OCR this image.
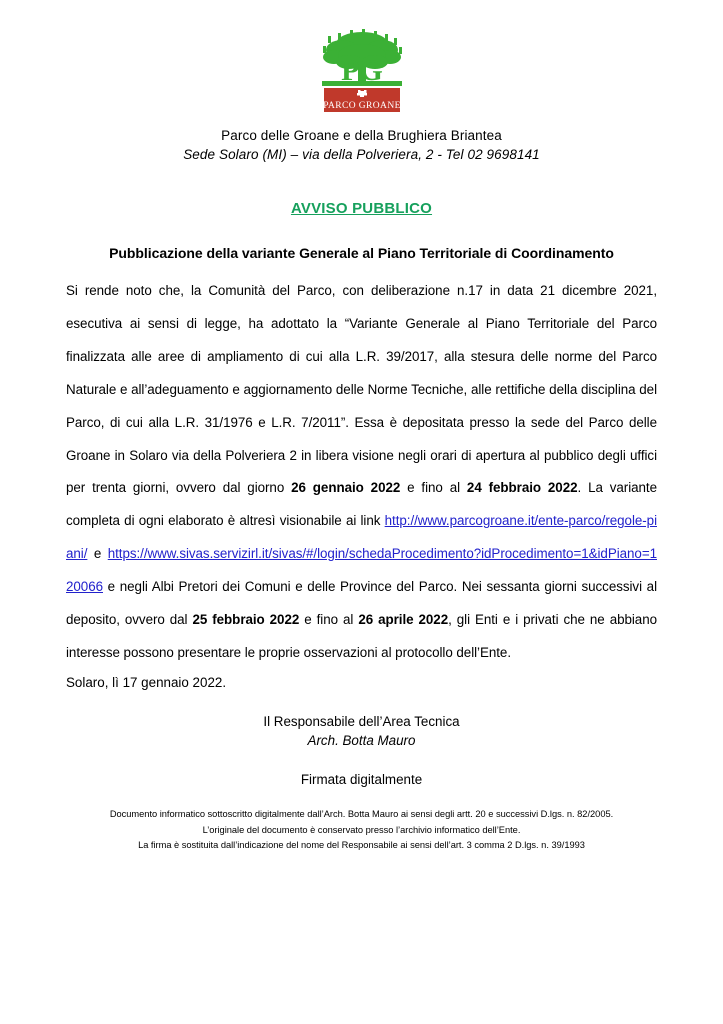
PG
PARCO GROANE
Parco delle Groane e della Brughiera Briantea
Sede Solaro (MI) – via della Polveriera, 2 - Tel 02 9698141
AVVISO PUBBLICO
Pubblicazione della variante Generale al Piano Territoriale di Coordinamento
Si rende noto che, la Comunità del Parco, con deliberazione n.17 in data 21 dicembre 2021, esecutiva ai sensi di legge, ha adottato la “Variante Generale al Piano Territoriale del Parco finalizzata alle aree di ampliamento di cui alla L.R. 39/2017, alla stesura delle norme del Parco Naturale e all’adeguamento e aggiornamento delle Norme Tecniche, alle rettifiche della disciplina del Parco, di cui alla L.R. 31/1976 e L.R. 7/2011”. Essa è depositata presso la sede del Parco delle Groane in Solaro via della Polveriera 2 in libera visione negli orari di apertura al pubblico degli uffici per trenta giorni, ovvero dal giorno 26 gennaio 2022 e fino al 24 febbraio 2022. La variante completa di ogni elaborato è altresì visionabile ai link http://www.parcogroane.it/ente-parco/regole-piani/ e https://www.sivas.servizirl.it/sivas/#/login/schedaProcedimento?idProcedimento=1&idPiano=120066 e negli Albi Pretori dei Comuni e delle Province del Parco. Nei sessanta giorni successivi al deposito, ovvero dal 25 febbraio 2022 e fino al 26 aprile 2022, gli Enti e i privati che ne abbiano interesse possono presentare le proprie osservazioni al protocollo dell’Ente.
Solaro, lì 17 gennaio 2022.
Il Responsabile dell’Area Tecnica
Arch. Botta Mauro
Firmata digitalmente
Documento informatico sottoscritto digitalmente dall’Arch. Botta Mauro ai sensi degli artt. 20 e successivi D.lgs. n. 82/2005.
L’originale del documento è conservato presso l’archivio informatico dell’Ente.
La firma è sostituita dall’indicazione del nome del Responsabile ai sensi dell’art. 3 comma 2 D.lgs. n. 39/1993
